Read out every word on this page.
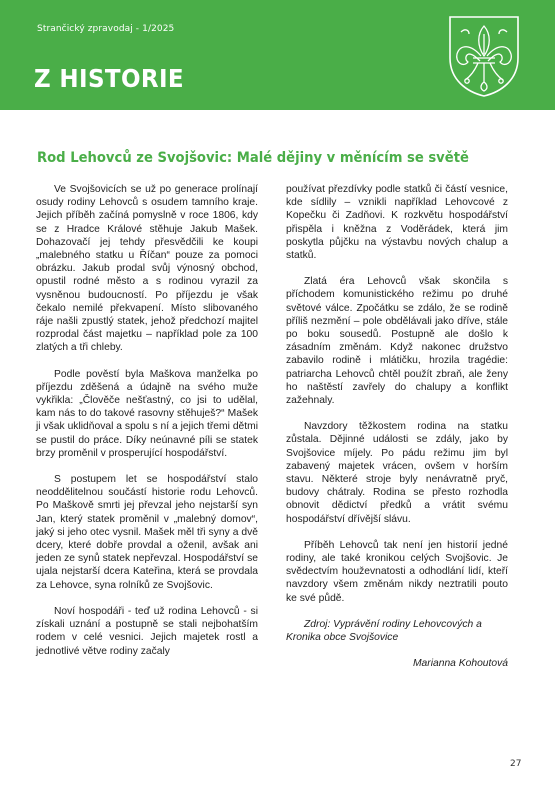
Strančický zpravodaj - 1/2025
Z HISTORIE
Rod Lehovců ze Svojšovic: Malé dějiny v měnícím se světě

Ve Svojšovicích se už po generace prolínají osudy rodiny Lehovců s osudem tamního kraje. Jejich příběh začíná pomyslně v roce 1806, kdy se z Hradce Králové stěhuje Jakub Mašek. Dohazovačí jej tehdy přesvědčili ke koupi „malebného statku u Říčan“ pouze za pomoci obrázku. Jakub prodal svůj výnosný obchod, opustil rodné město a s rodinou vyrazil za vysněnou budoucností. Po příjezdu je však čekalo nemilé překvapení. Místo slibovaného ráje našli zpustlý statek, jehož předchozí majitel rozprodal část majetku – například pole za 100 zlatých a tři chleby.

Podle pověstí byla Maškova manželka po příjezdu zděšená a údajně na svého muže vykřikla: „Člověče nešťastný, co jsi to udělal, kam nás to do takové rasovny stěhuješ?“ Mašek ji však uklidňoval a spolu s ní a jejich třemi dětmi se pustil do práce. Díky neúnavné píli se statek brzy proměnil v prosperující hospodářství.

S postupem let se hospodářství stalo neoddělitelnou součástí historie rodu Lehovců. Po Maškově smrti jej převzal jeho nejstarší syn Jan, který statek proměnil v „malebný domov“, jaký si jeho otec vysnil. Mašek měl tři syny a dvě dcery, které dobře provdal a oženil, avšak ani jeden ze synů statek nepřevzal. Hospodářství se ujala nejstarší dcera Kateřina, která se provdala za Lehovce, syna rolníků ze Svojšovic.

Noví hospodáři - teď už rodina Lehovců - si získali uznání a postupně se stali nejbohatším rodem v celé vesnici. Jejich majetek rostl a jednotlivé větve rodiny začaly

používat přezdívky podle statků či částí vesnice, kde sídlily – vznikli například Lehovcové z Kopečku či Zadňovi. K rozkvětu hospodářství přispěla i kněžna z Voděrádek, která jim poskytla půjčku na výstavbu nových chalup a statků.

Zlatá éra Lehovců však skončila s příchodem komunistického režimu po druhé světové válce. Zpočátku se zdálo, že se rodině příliš nezmění – pole obdělávali jako dříve, stále po boku sousedů. Postupně ale došlo k zásadním změnám. Když nakonec družstvo zabavilo rodině i mlátičku, hrozila tragédie: patriarcha Lehovců chtěl použít zbraň, ale ženy ho naštěstí zavřely do chalupy a konflikt zažehnaly.

Navzdory těžkostem rodina na statku zůstala. Dějinné události se zdály, jako by Svojšovice míjely. Po pádu režimu jim byl zabavený majetek vrácen, ovšem v horším stavu. Některé stroje byly nenávratně pryč, budovy chátraly. Rodina se přesto rozhodla obnovit dědictví předků a vrátit svému hospodářství dřívější slávu.

Příběh Lehovců tak není jen historií jedné rodiny, ale také kronikou celých Svojšovic. Je svědectvím houževnatosti a odhodlání lidí, kteří navzdory všem změnám nikdy neztratili pouto ke své půdě.

Zdroj: Vyprávění rodiny Lehovcových a Kronika obce Svojšovice
Marianna Kohoutová
27
